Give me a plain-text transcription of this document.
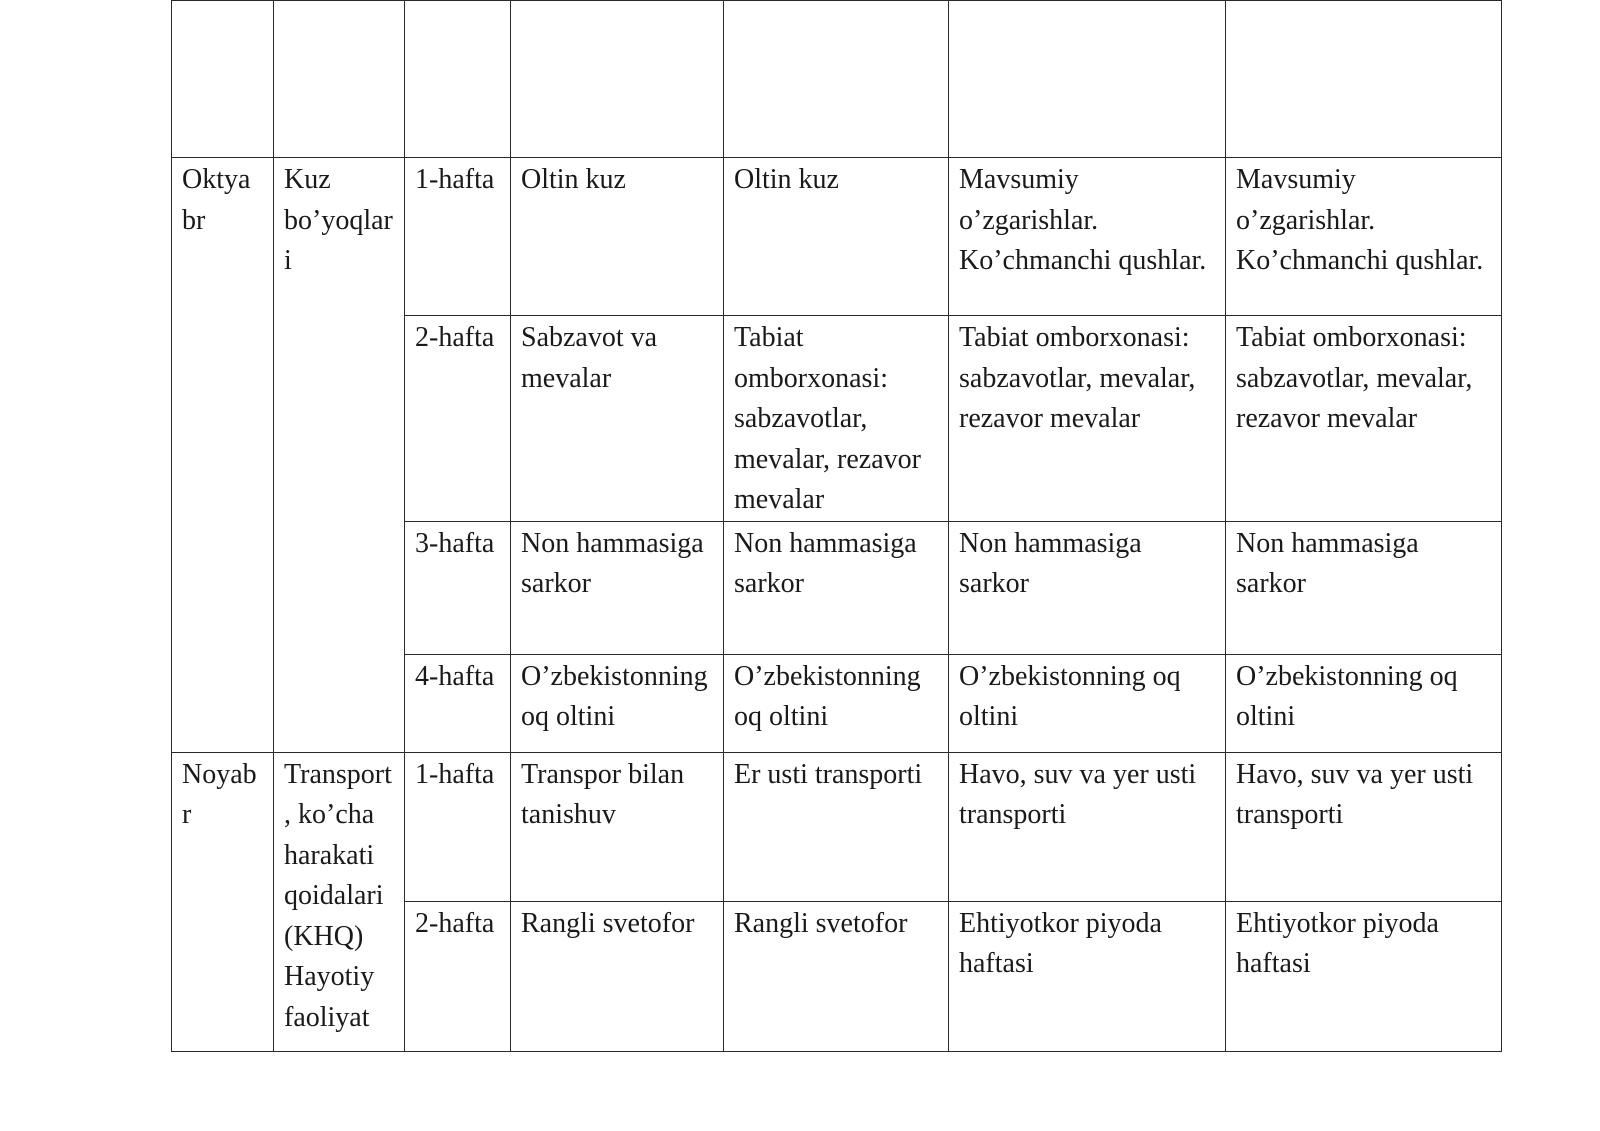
Oktyabr	Kuz bo’yoqlari	1-hafta	Oltin kuz	Oltin kuz	Mavsumiy o’zgarishlar. Ko’chmanchi qushlar.	Mavsumiy o’zgarishlar. Ko’chmanchi qushlar.
		2-hafta	Sabzavot va mevalar	Tabiat omborxonasi: sabzavotlar, mevalar, rezavor mevalar	Tabiat omborxonasi: sabzavotlar, mevalar, rezavor mevalar	Tabiat omborxonasi: sabzavotlar, mevalar, rezavor mevalar
		3-hafta	Non hammasiga sarkor	Non hammasiga sarkor	Non hammasiga sarkor	Non hammasiga sarkor
		4-hafta	O’zbekistonning oq oltini	O’zbekistonning oq oltini	O’zbekistonning oq oltini	O’zbekistonning oq oltini
Noyabr	Transport, ko’cha harakati qoidalari (KHQ) Hayotiy faoliyat	1-hafta	Transpor bilan tanishuv	Er usti transporti	Havo, suv va yer usti   transporti	Havo, suv va yer usti   transporti
		2-hafta	Rangli svetofor	Rangli svetofor	Ehtiyotkor piyoda haftasi	Ehtiyotkor piyoda haftasi
